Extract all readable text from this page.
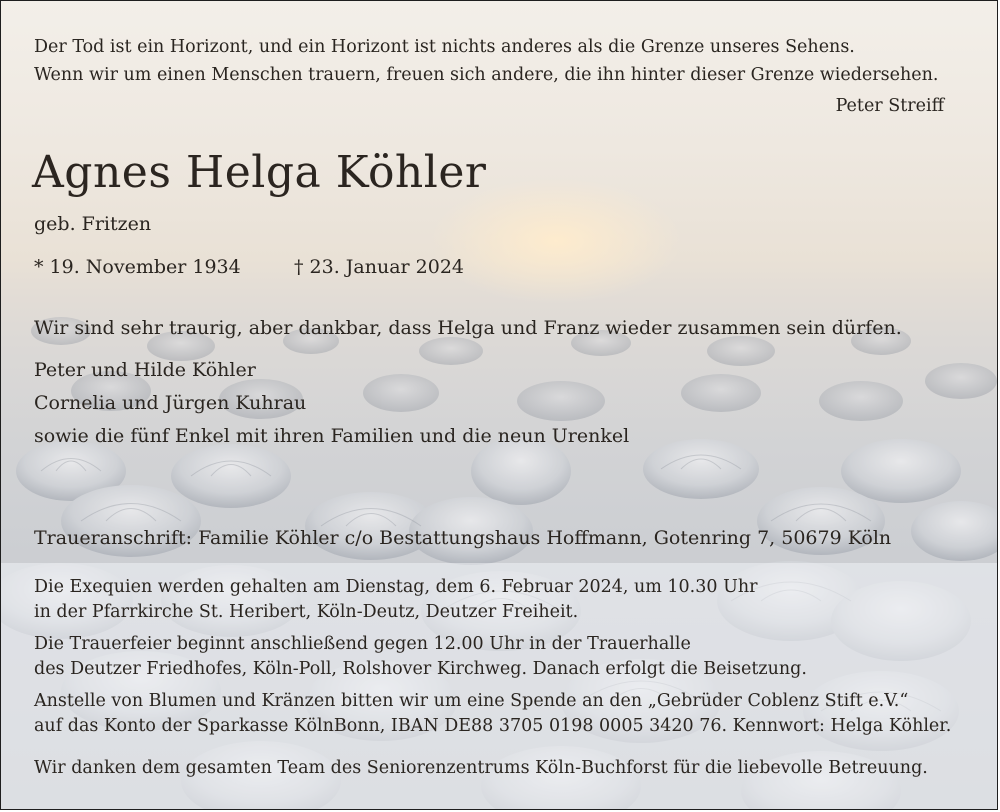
Der Tod ist ein Horizont, und ein Horizont ist nichts anderes als die Grenze unseres Sehens.
Wenn wir um einen Menschen trauern, freuen sich andere, die ihn hinter dieser Grenze wiedersehen.
Peter Streiff
Agnes Helga Köhler
geb. Fritzen
* 19. November 1934	† 23. Januar 2024
Wir sind sehr traurig, aber dankbar, dass Helga und Franz wieder zusammen sein dürfen.
Peter und Hilde Köhler
Cornelia und Jürgen Kuhrau
sowie die fünf Enkel mit ihren Familien und die neun Urenkel
Traueranschrift: Familie Köhler c/o Bestattungshaus Hoffmann, Gotenring 7, 50679 Köln
Die Exequien werden gehalten am Dienstag, dem 6. Februar 2024, um 10.30 Uhr
in der Pfarrkirche St. Heribert, Köln-Deutz, Deutzer Freiheit.
Die Trauerfeier beginnt anschließend gegen 12.00 Uhr in der Trauerhalle
des Deutzer Friedhofes, Köln-Poll, Rolshover Kirchweg. Danach erfolgt die Beisetzung.
Anstelle von Blumen und Kränzen bitten wir um eine Spende an den „Gebrüder Coblenz Stift e.V.“
auf das Konto der Sparkasse KölnBonn, IBAN DE88 3705 0198 0005 3420 76. Kennwort: Helga Köhler.
Wir danken dem gesamten Team des Seniorenzentrums Köln-Buchforst für die liebevolle Betreuung.
